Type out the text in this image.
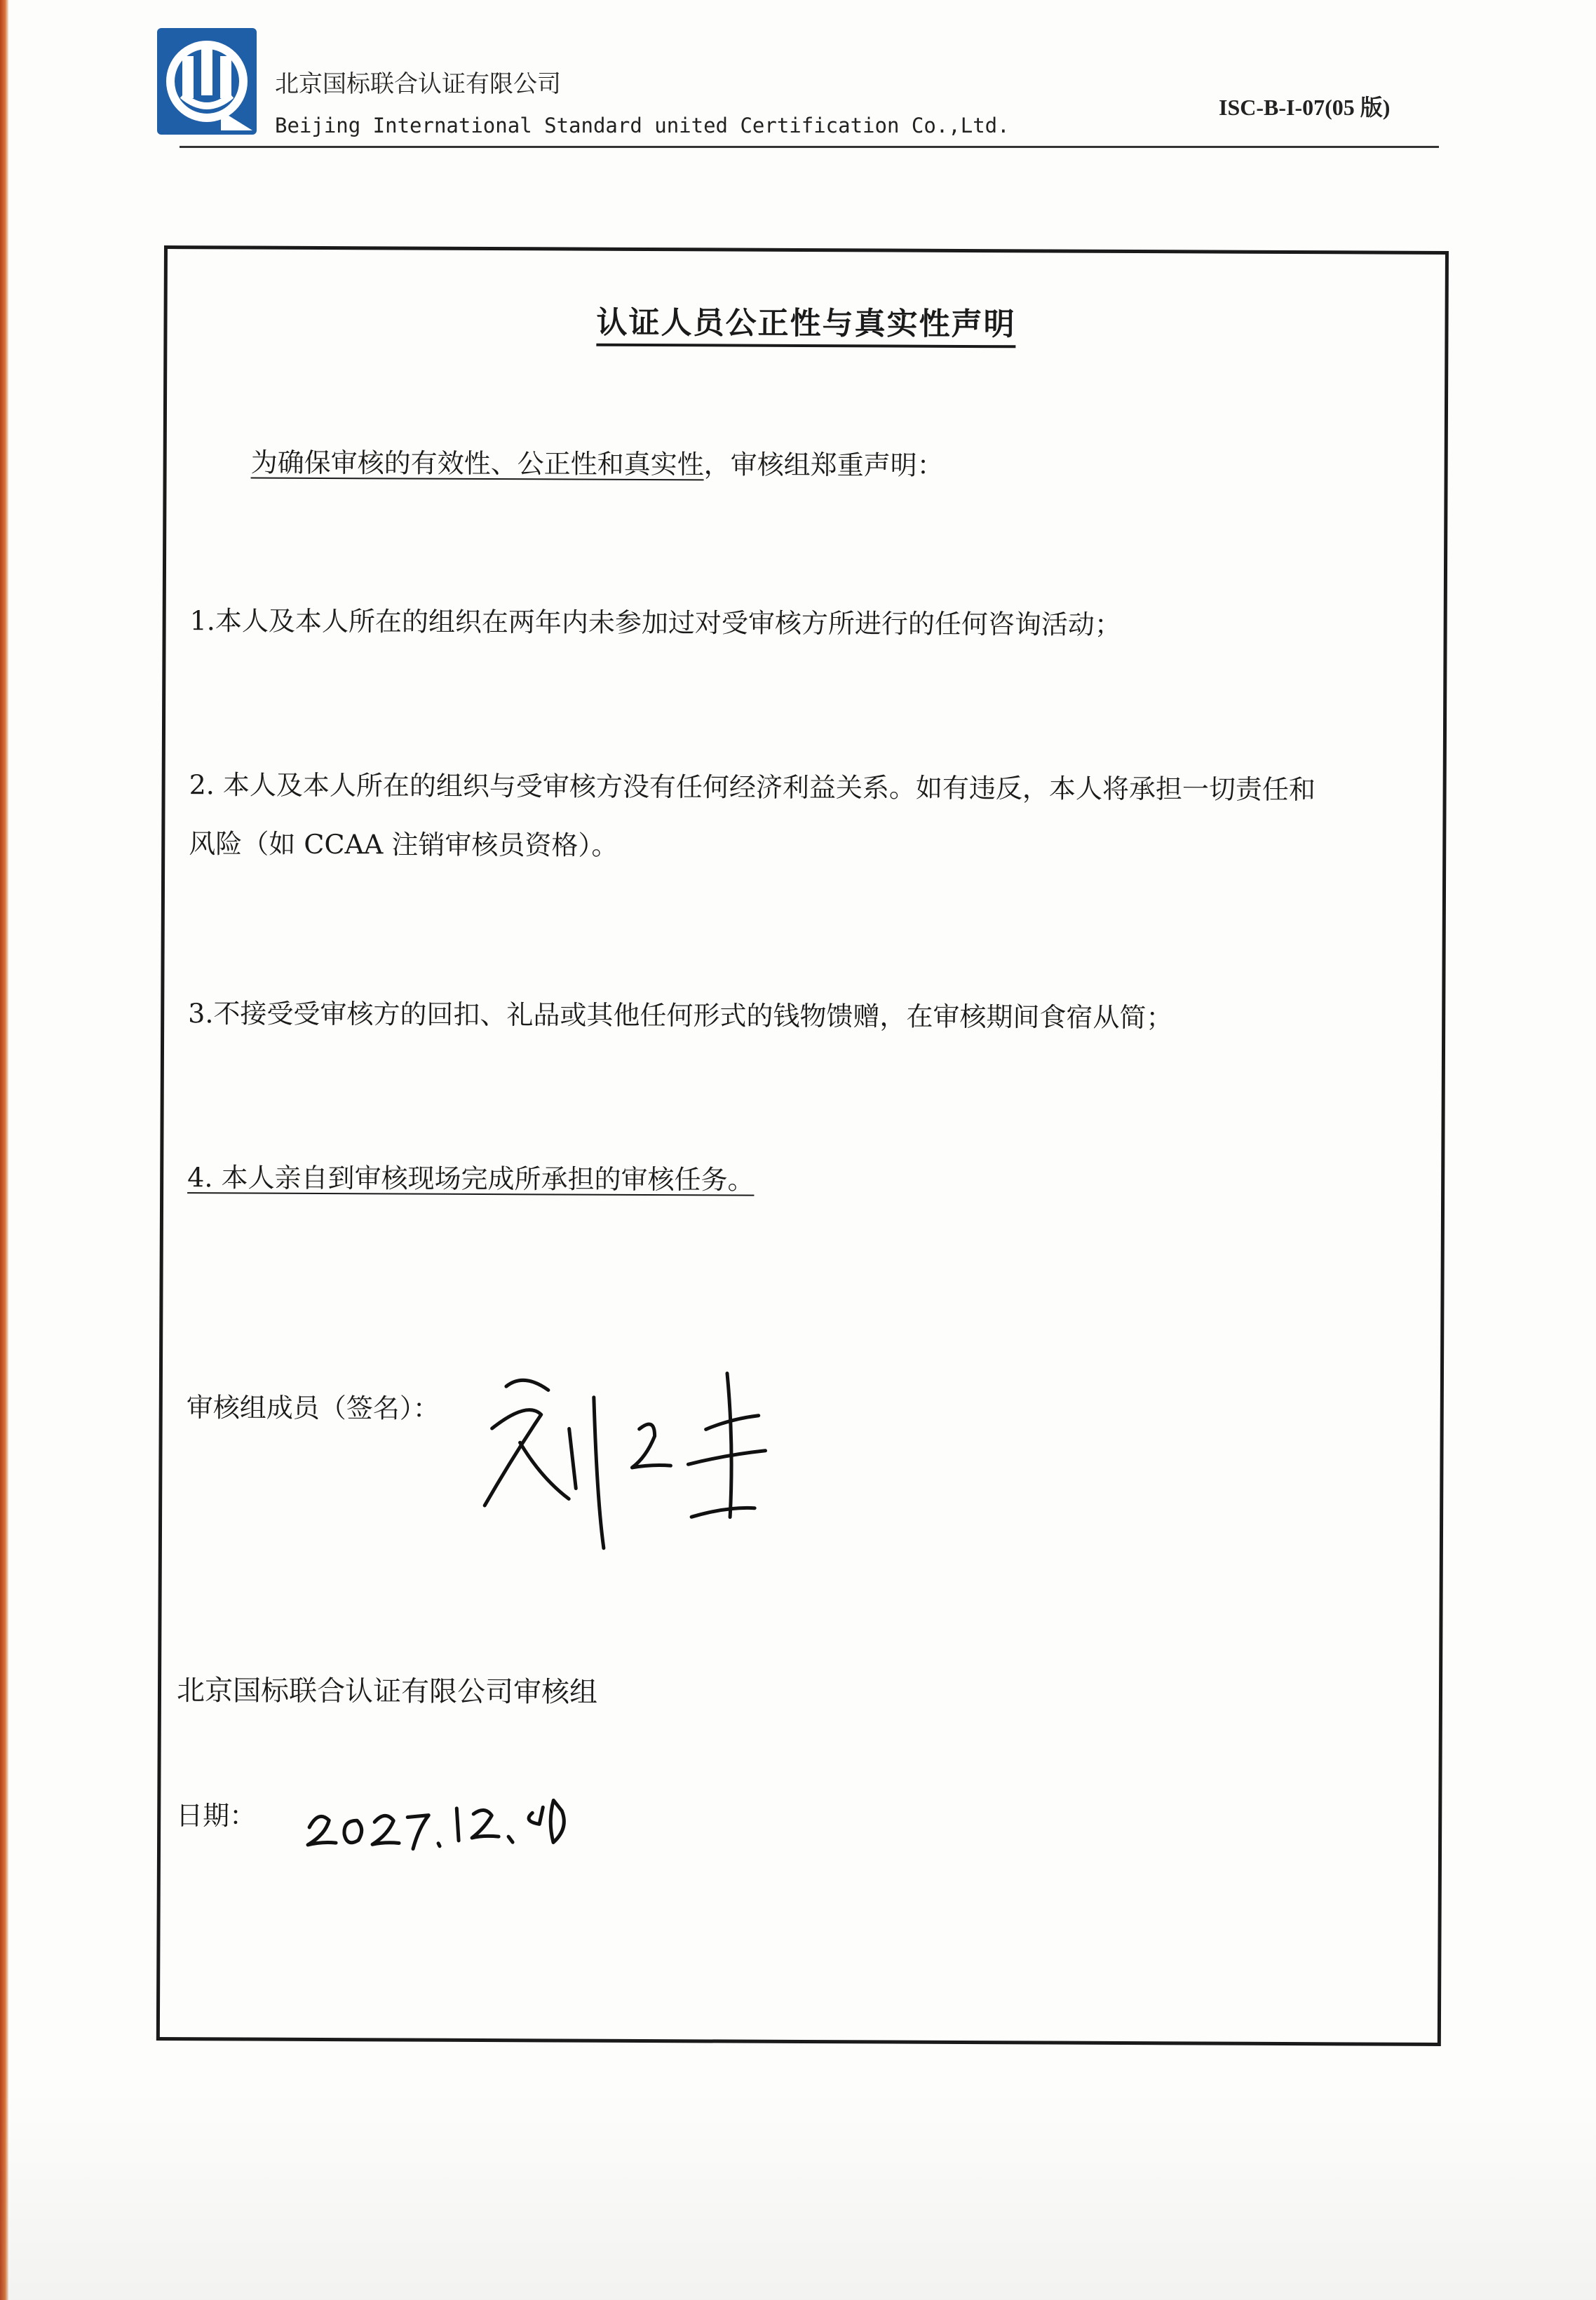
北京国标联合认证有限公司
Beijing International Standard united Certification Co.,Ltd.
ISC-B-I-07(05 版)
认证人员公正性与真实性声明
为确保审核的有效性、公正性和真实性，审核组郑重声明：
1.本人及本人所在的组织在两年内未参加过对受审核方所进行的任何咨询活动；
2. 本人及本人所在的组织与受审核方没有任何经济利益关系。如有违反，本人将承担一切责任和
风险（如 CCAA 注销审核员资格）。
3.不接受受审核方的回扣、礼品或其他任何形式的钱物馈赠，在审核期间食宿从简；
4. 本人亲自到审核现场完成所承担的审核任务。
审核组成员（签名）：
北京国标联合认证有限公司审核组
日期：
